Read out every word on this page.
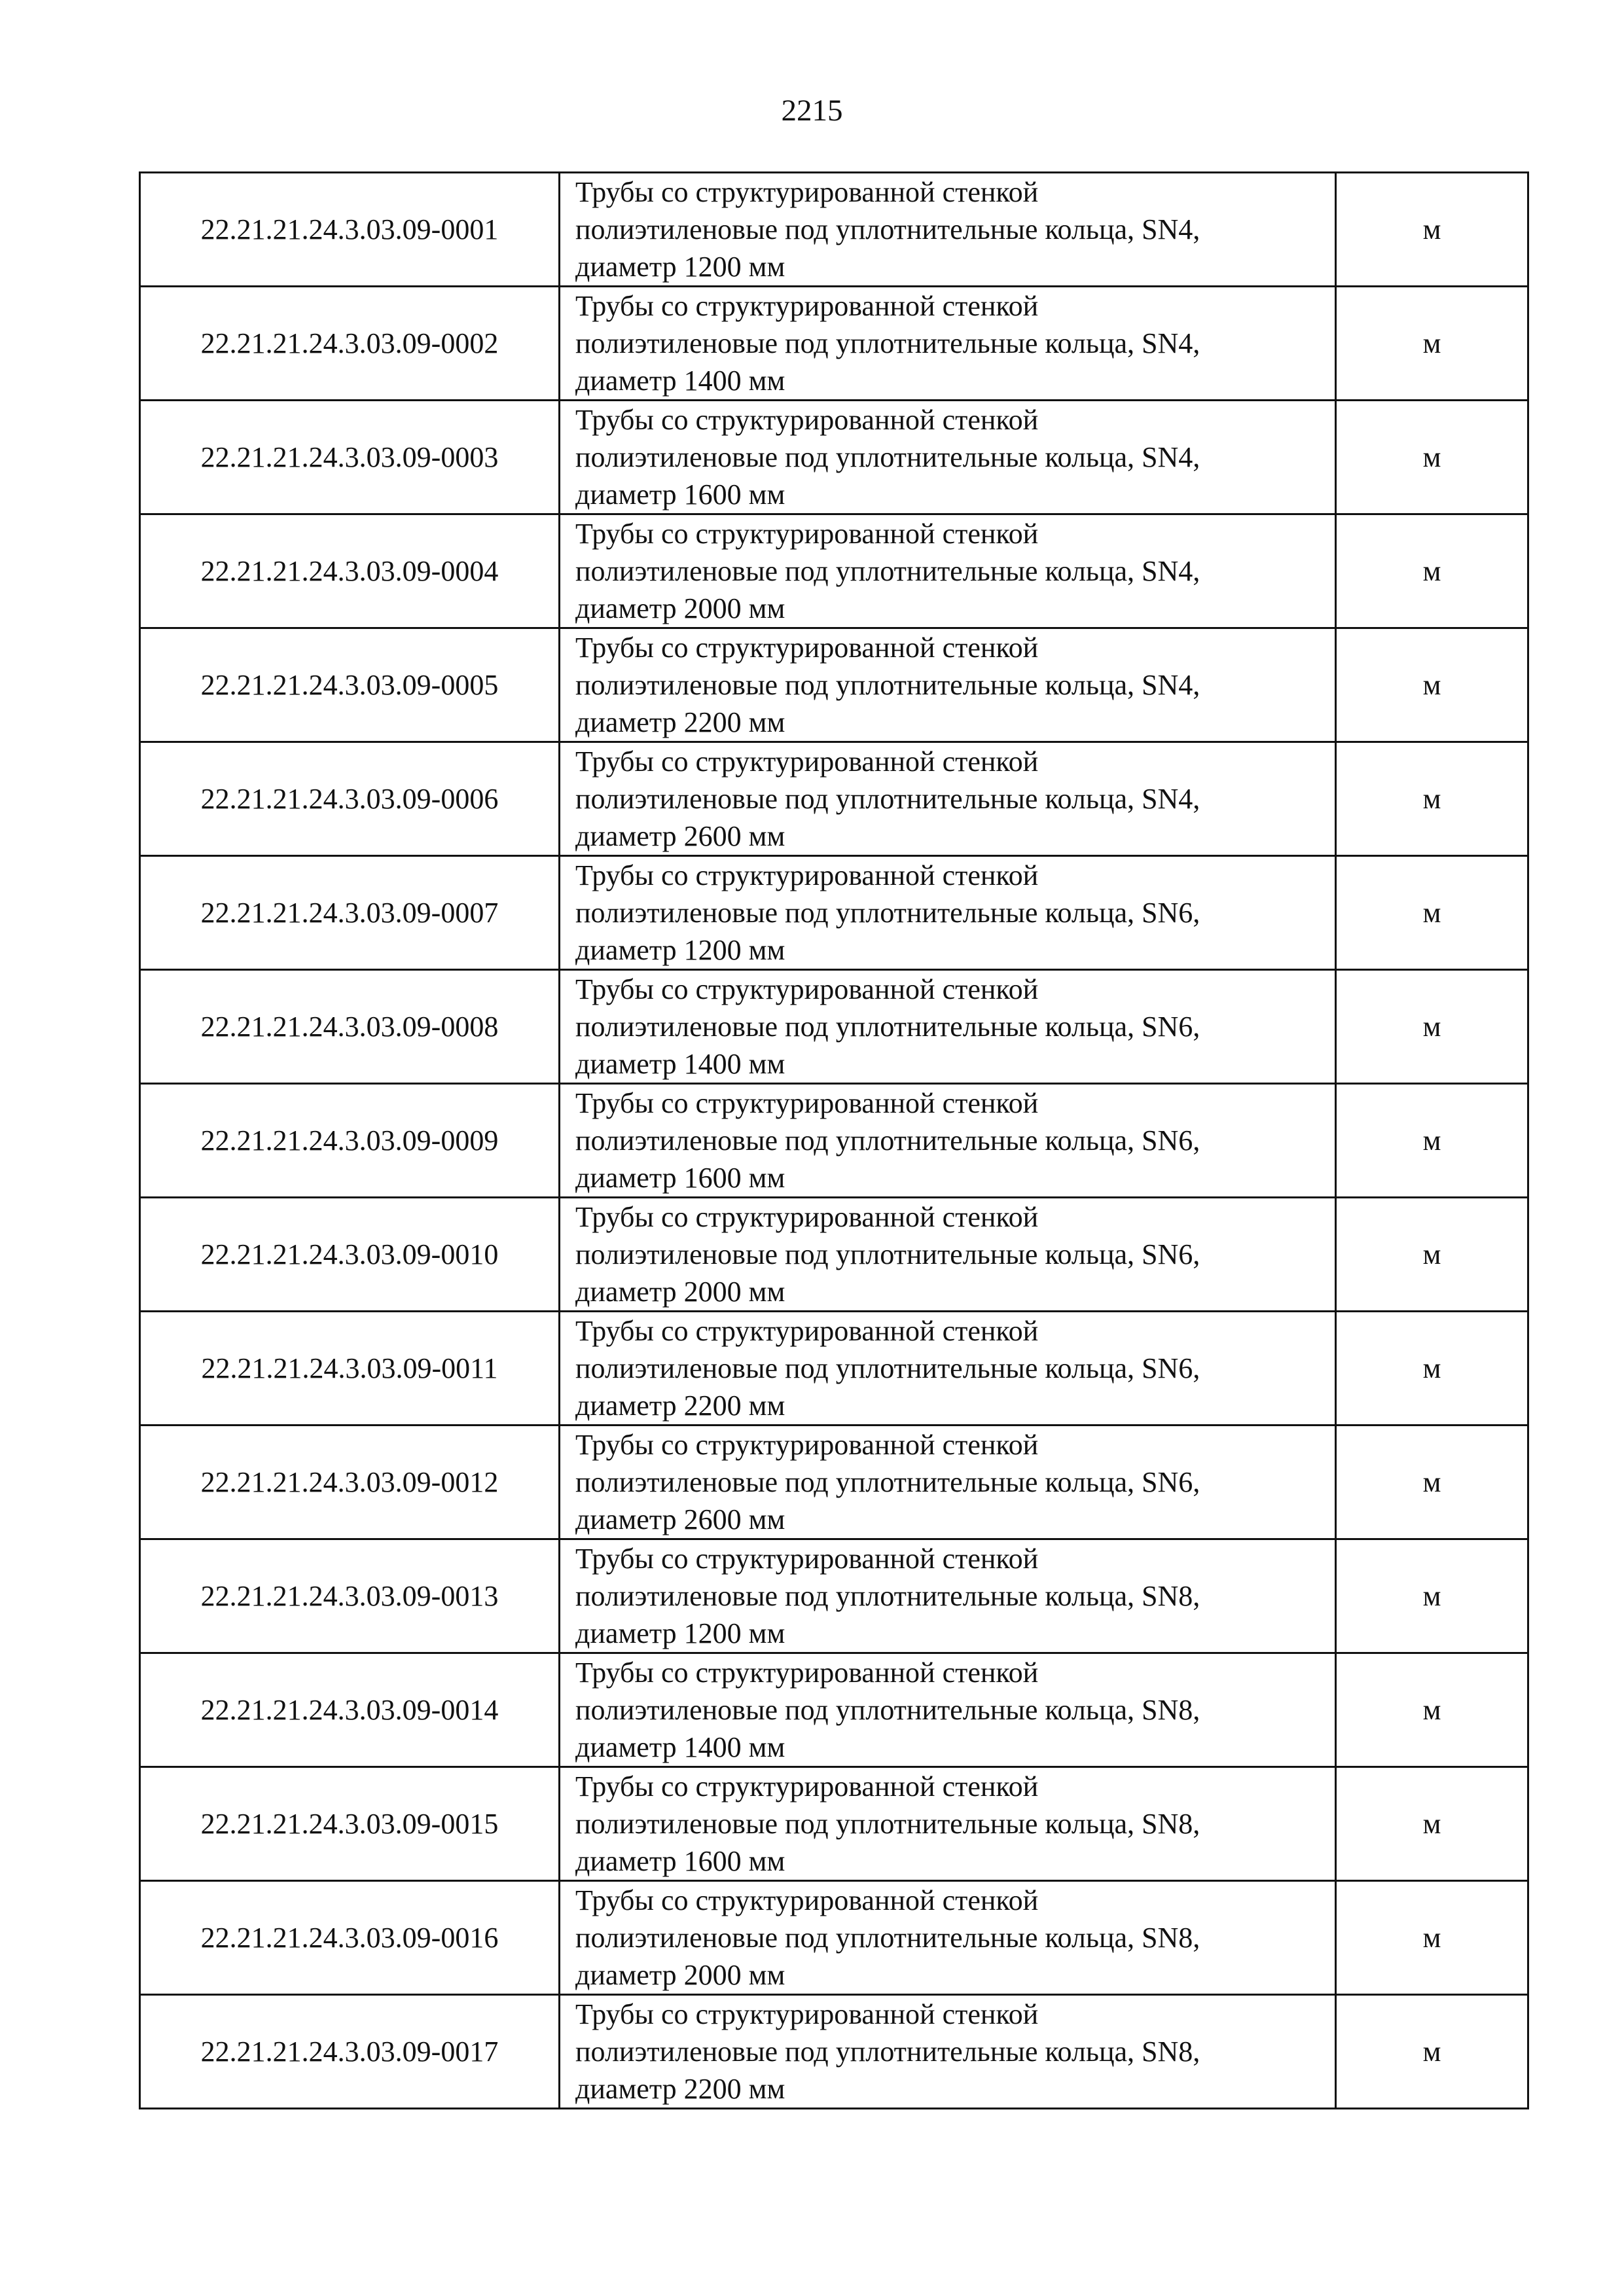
2215
22.21.21.24.3.03.09-0001	Трубы со структурированной стенкой
полиэтиленовые под уплотнительные кольца, SN4,
диаметр 1200 мм	м
22.21.21.24.3.03.09-0002	Трубы со структурированной стенкой
полиэтиленовые под уплотнительные кольца, SN4,
диаметр 1400 мм	м
22.21.21.24.3.03.09-0003	Трубы со структурированной стенкой
полиэтиленовые под уплотнительные кольца, SN4,
диаметр 1600 мм	м
22.21.21.24.3.03.09-0004	Трубы со структурированной стенкой
полиэтиленовые под уплотнительные кольца, SN4,
диаметр 2000 мм	м
22.21.21.24.3.03.09-0005	Трубы со структурированной стенкой
полиэтиленовые под уплотнительные кольца, SN4,
диаметр 2200 мм	м
22.21.21.24.3.03.09-0006	Трубы со структурированной стенкой
полиэтиленовые под уплотнительные кольца, SN4,
диаметр 2600 мм	м
22.21.21.24.3.03.09-0007	Трубы со структурированной стенкой
полиэтиленовые под уплотнительные кольца, SN6,
диаметр 1200 мм	м
22.21.21.24.3.03.09-0008	Трубы со структурированной стенкой
полиэтиленовые под уплотнительные кольца, SN6,
диаметр 1400 мм	м
22.21.21.24.3.03.09-0009	Трубы со структурированной стенкой
полиэтиленовые под уплотнительные кольца, SN6,
диаметр 1600 мм	м
22.21.21.24.3.03.09-0010	Трубы со структурированной стенкой
полиэтиленовые под уплотнительные кольца, SN6,
диаметр 2000 мм	м
22.21.21.24.3.03.09-0011	Трубы со структурированной стенкой
полиэтиленовые под уплотнительные кольца, SN6,
диаметр 2200 мм	м
22.21.21.24.3.03.09-0012	Трубы со структурированной стенкой
полиэтиленовые под уплотнительные кольца, SN6,
диаметр 2600 мм	м
22.21.21.24.3.03.09-0013	Трубы со структурированной стенкой
полиэтиленовые под уплотнительные кольца, SN8,
диаметр 1200 мм	м
22.21.21.24.3.03.09-0014	Трубы со структурированной стенкой
полиэтиленовые под уплотнительные кольца, SN8,
диаметр 1400 мм	м
22.21.21.24.3.03.09-0015	Трубы со структурированной стенкой
полиэтиленовые под уплотнительные кольца, SN8,
диаметр 1600 мм	м
22.21.21.24.3.03.09-0016	Трубы со структурированной стенкой
полиэтиленовые под уплотнительные кольца, SN8,
диаметр 2000 мм	м
22.21.21.24.3.03.09-0017	Трубы со структурированной стенкой
полиэтиленовые под уплотнительные кольца, SN8,
диаметр 2200 мм	м
